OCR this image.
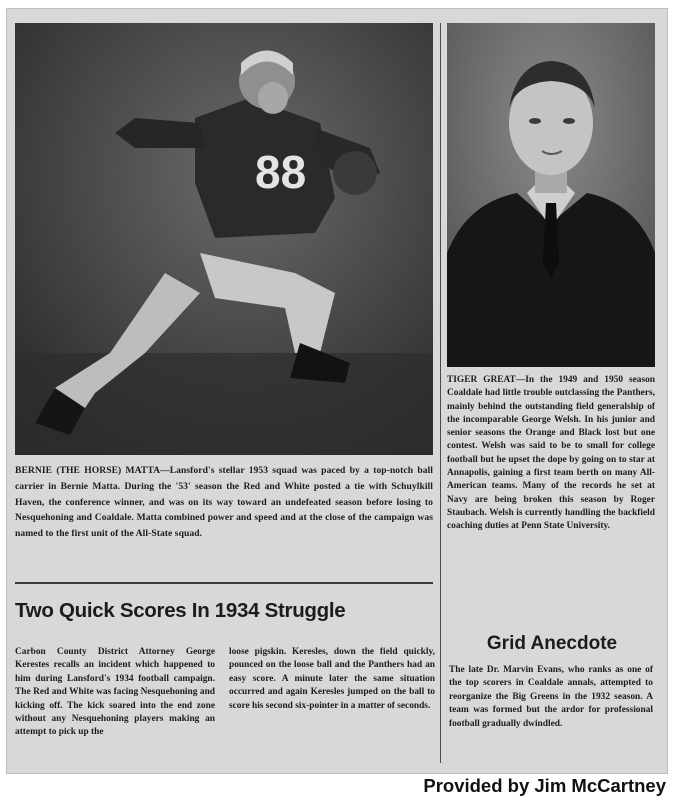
88
BERNIE (THE HORSE) MATTA—Lansford's stellar 1953 squad was paced by a top-notch ball carrier in Bernie Matta. During the '53' season the Red and White posted a tie with Schuylkill Haven, the conference winner, and was on its way toward an undefeated season before losing to Nesquehoning and Coaldale. Matta combined power and speed and at the close of the campaign was named to the first unit of the All-State squad.
Two Quick Scores In 1934 Struggle
Carbon County District Attorney George Kerestes recalls an incident which happened to him during Lansford's 1934 football campaign. The Red and White was facing Nesquehoning and kicking off. The kick soared into the end zone without any Nesquehoning players making an attempt to pick up the
loose pigskin. Keresles, down the field quickly, pounced on the loose ball and the Panthers had an easy score. A minute later the same situation occurred and again Keresles jumped on the ball to score his second six-pointer in a matter of seconds.
TIGER GREAT—In the 1949 and 1950 season Coaldale had little trouble outclassing the Panthers, mainly behind the outstanding field generalship of the incomparable George Welsh. In his junior and senior seasons the Orange and Black lost but one contest. Welsh was said to be to small for college football but he upset the dope by going on to star at Annapolis, gaining a first team berth on many All-American teams. Many of the records he set at Navy are being broken this season by Roger Staubach. Welsh is currently handling the backfield coaching duties at Penn State University.
Grid Anecdote
The late Dr. Marvin Evans, who ranks as one of the top scorers in Coaldale annals, attempted to reorganize the Big Greens in the 1932 season. A team was formed but the ardor for professional football gradually dwindled.
Provided by Jim McCartney
